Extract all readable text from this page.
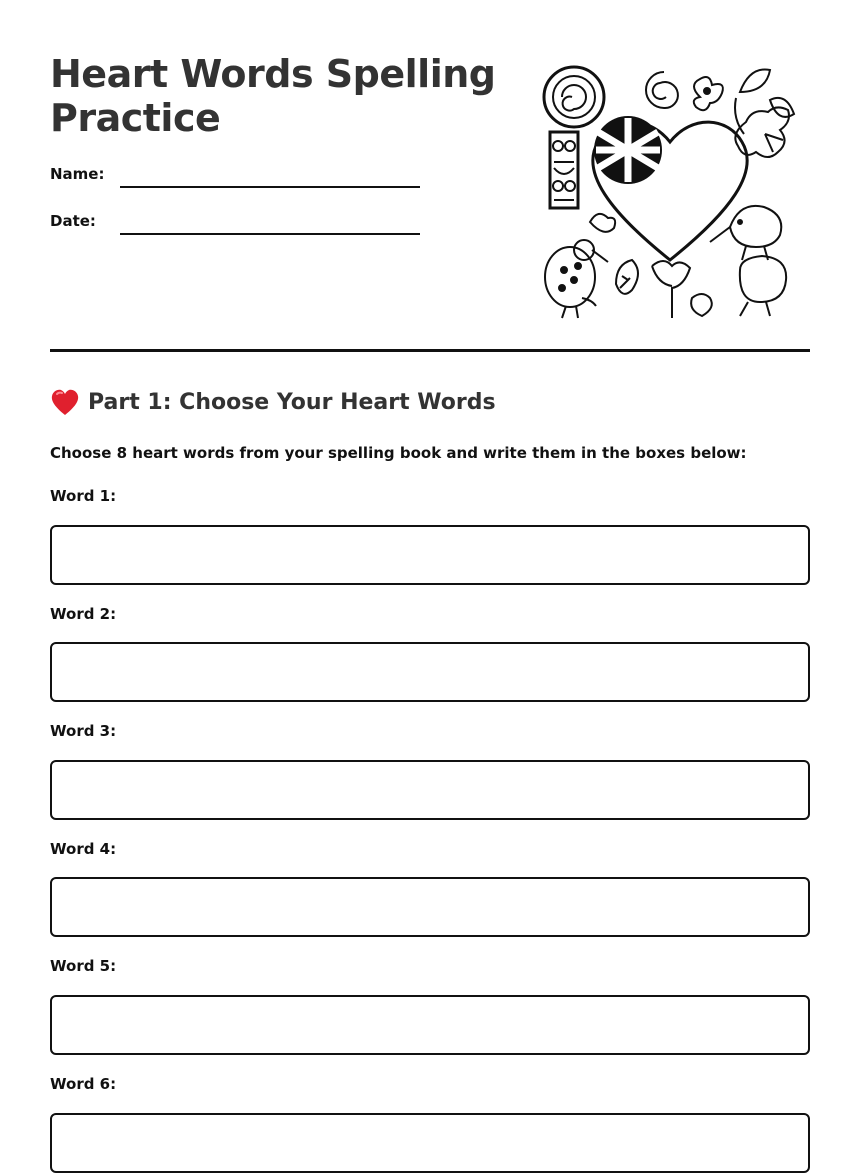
Heart Words Spelling Practice
Name:
Date:
Part 1: Choose Your Heart Words
Choose 8 heart words from your spelling book and write them in the boxes below:
Word 1:
Word 2:
Word 3:
Word 4:
Word 5:
Word 6:
